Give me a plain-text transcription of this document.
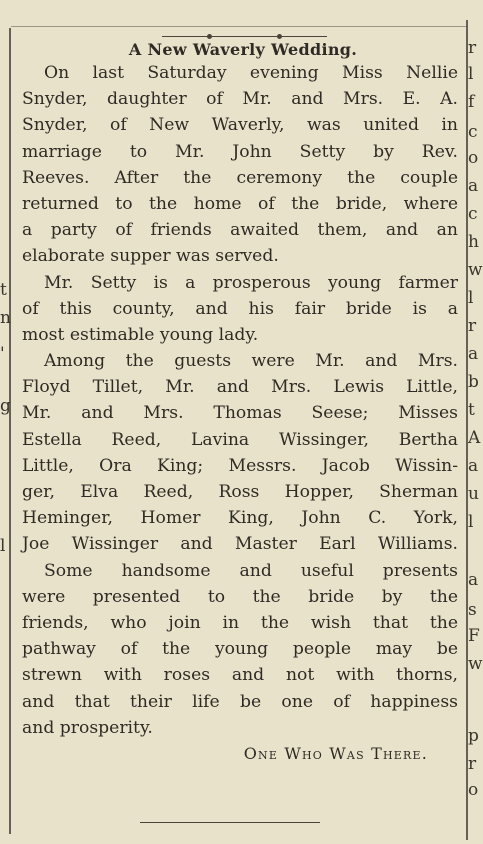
t
n
'
g
l
r
l
f
c
o
a
c
h
w
l
r
a
b
t
A
a
u
l
a
s
F
w
p
r
o
A New Waverly Wedding.
On last Saturday evening Miss Nellie
Snyder, daughter of Mr. and Mrs. E. A.
Snyder, of New Waverly, was united in
marriage to Mr. John Setty by Rev.
Reeves. After the ceremony the couple
returned to the home of the bride, where
a party of friends awaited them, and an
elaborate supper was served.
Mr. Setty is a prosperous young farmer
of this county, and his fair bride is a
most estimable young lady.
Among the guests were Mr. and Mrs.
Floyd Tillet, Mr. and Mrs. Lewis Little,
Mr. and Mrs. Thomas Seese; Misses
Estella Reed, Lavina Wissinger, Bertha
Little, Ora King; Messrs. Jacob Wissin-
ger, Elva Reed, Ross Hopper, Sherman
Heminger, Homer King, John C. York,
Joe Wissinger and Master Earl Williams.
Some handsome and useful presents
were presented to the bride by the
friends, who join in the wish that the
pathway of the young people may be
strewn with roses and not with thorns,
and that their life be one of happiness
and prosperity.
One Who Was There.
